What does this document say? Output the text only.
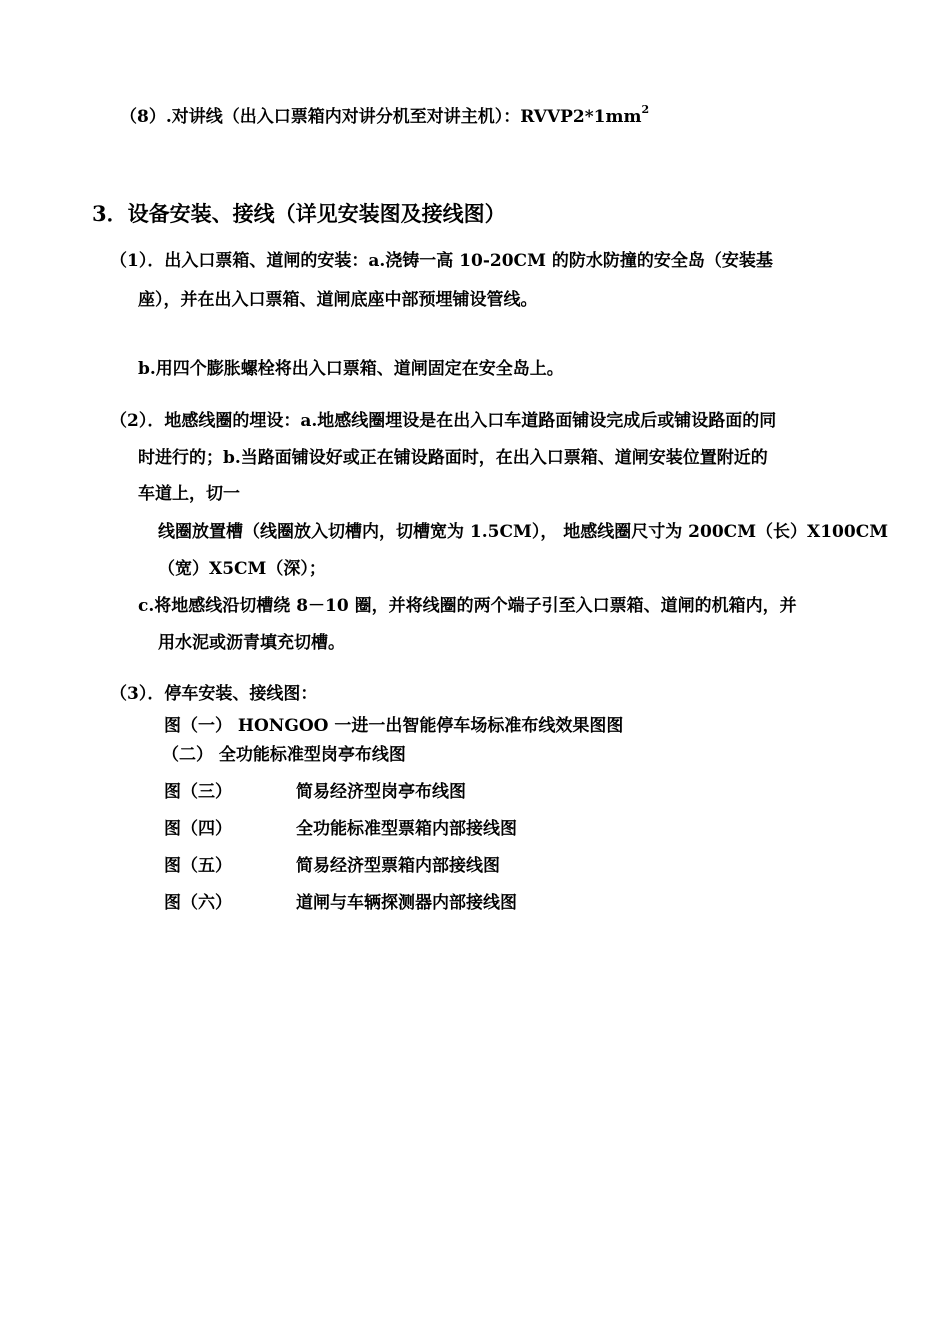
（8）.对讲线（出入口票箱内对讲分机至对讲主机）：$RVVP2*1mm^2$
3．设备安装、接线（详见安装图及接线图）
（1）．出入口票箱、道闸的安装：a.浇铸一高 10-20CM 的防水防撞的安全岛（安装基
座），并在出入口票箱、道闸底座中部预埋铺设管线。
b.用四个膨胀螺栓将出入口票箱、道闸固定在安全岛上。
（2）．地感线圈的埋设：a.地感线圈埋设是在出入口车道路面铺设完成后或铺设路面的同
时进行的；b.当路面铺设好或正在铺设路面时，在出入口票箱、道闸安装位置附近的
车道上，切一
线圈放置槽（线圈放入切槽内，切槽宽为 1.5CM）， 地感线圈尺寸为 200CM（长）X100CM
（宽）X5CM（深）；
c.将地感线沿切槽绕 8－10 圈，并将线圈的两个端子引至入口票箱、道闸的机箱内，并
用水泥或沥青填充切槽。
（3）．停车安装、接线图：
图（一） HONGOO 一进一出智能停车场标准布线效果图图
（二） 全功能标准型岗亭布线图
图（三）	简易经济型岗亭布线图
图（四）	全功能标准型票箱内部接线图
图（五）	简易经济型票箱内部接线图
图（六）	道闸与车辆探测器内部接线图
